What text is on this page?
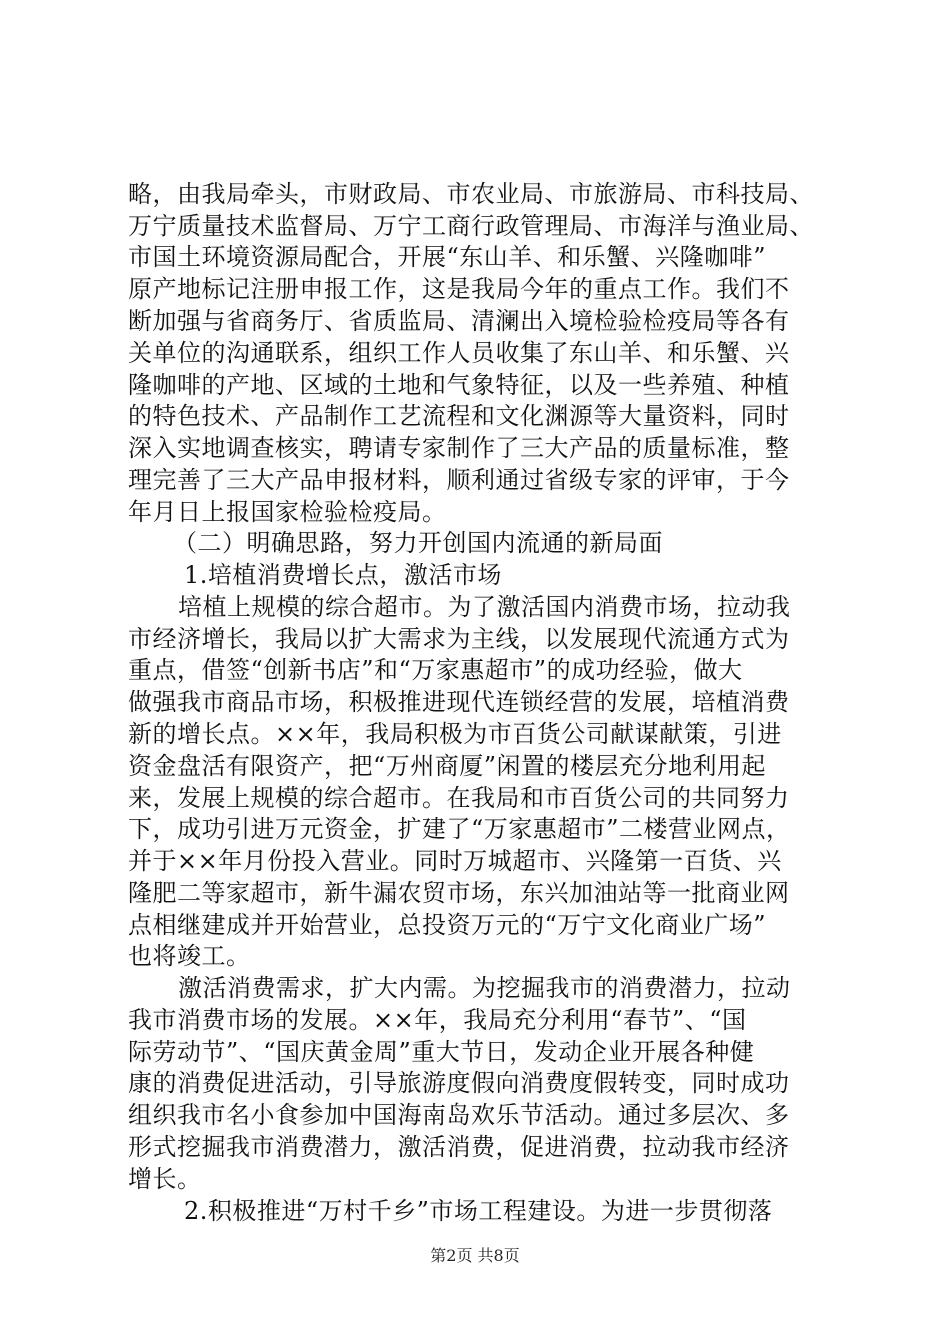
略，由我局牵头，市财政局、市农业局、市旅游局、市科技局、
万宁质量技术监督局、万宁工商行政管理局、市海洋与渔业局、
市国土环境资源局配合，开展“东山羊、和乐蟹、兴隆咖啡”
原产地标记注册申报工作，这是我局今年的重点工作。我们不
断加强与省商务厅、省质监局、清澜出入境检验检疫局等各有
关单位的沟通联系，组织工作人员收集了东山羊、和乐蟹、兴
隆咖啡的产地、区域的土地和气象特征，以及一些养殖、种植
的特色技术、产品制作工艺流程和文化渊源等大量资料，同时
深入实地调查核实，聘请专家制作了三大产品的质量标准，整
理完善了三大产品申报材料，顺利通过省级专家的评审，于今
年月日上报国家检验检疫局。
（二）明确思路，努力开创国内流通的新局面
1.培植消费增长点，激活市场
培植上规模的综合超市。为了激活国内消费市场，拉动我
市经济增长，我局以扩大需求为主线，以发展现代流通方式为
重点，借签“创新书店”和“万家惠超市”的成功经验，做大
做强我市商品市场，积极推进现代连锁经营的发展，培植消费
新的增长点。××年，我局积极为市百货公司献谋献策，引进
资金盘活有限资产，把“万州商厦”闲置的楼层充分地利用起
来，发展上规模的综合超市。在我局和市百货公司的共同努力
下，成功引进万元资金，扩建了“万家惠超市”二楼营业网点，
并于××年月份投入营业。同时万城超市、兴隆第一百货、兴
隆肥二等家超市，新牛漏农贸市场，东兴加油站等一批商业网
点相继建成并开始营业，总投资万元的“万宁文化商业广场”
也将竣工。
激活消费需求，扩大内需。为挖掘我市的消费潜力，拉动
我市消费市场的发展。××年，我局充分利用“春节”、“国
际劳动节”、“国庆黄金周”重大节日，发动企业开展各种健
康的消费促进活动，引导旅游度假向消费度假转变，同时成功
组织我市名小食参加中国海南岛欢乐节活动。通过多层次、多
形式挖掘我市消费潜力，激活消费，促进消费，拉动我市经济
增长。
2.积极推进“万村千乡”市场工程建设。为进一步贯彻落
第2页 共8页
